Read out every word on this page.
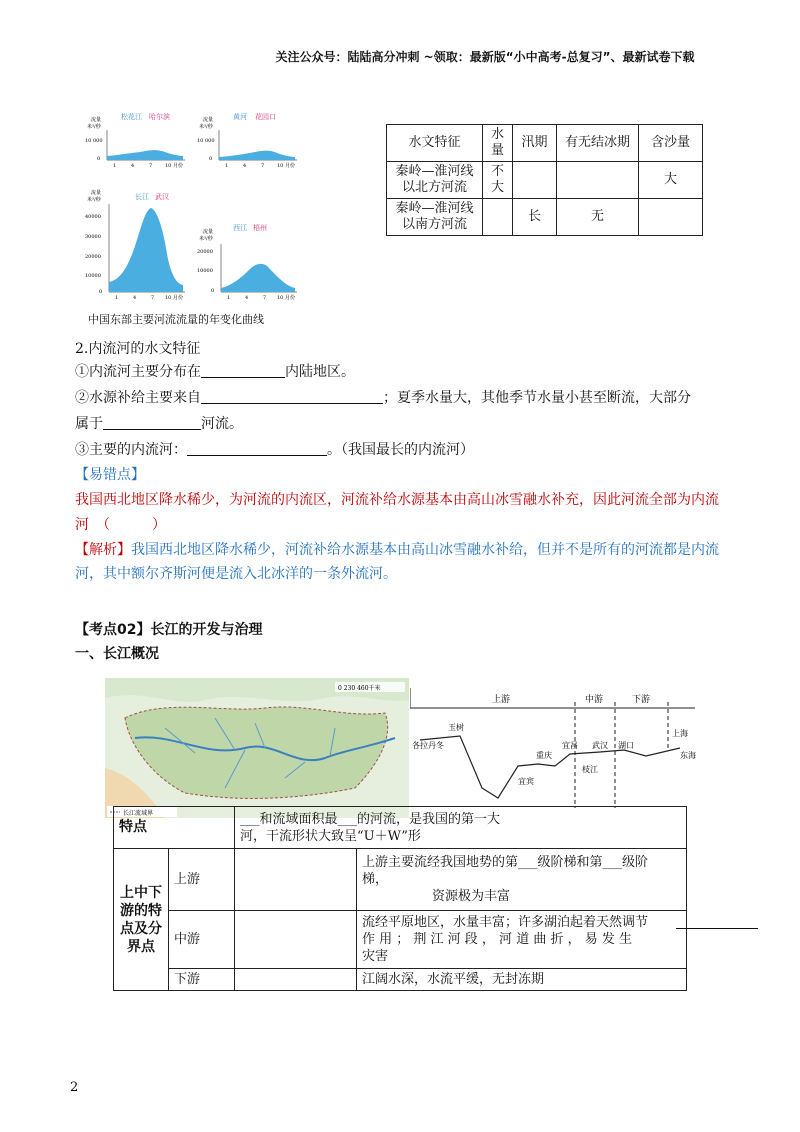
关注公众号：陆陆高分冲刺 ~领取：最新版“小中高考-总复习”、最新试卷下载
松花江 哈尔滨
流量
米³/秒
10 000
0
1	4	7	10 月份
黄河 花园口
流量
米³/秒
10 000
0
1	4	7	10 月份
长江 武汉
流量
米³/秒
40000
30000
20000
10000
0
1	4	7 10 月份
西江 梧州
流量
米³/秒
20000
10000
0
1	4	7 10 月份
中国东部主要河流流量的年变化曲线
水文特征	水量	汛期	有无结冰期	含沙量
秦岭—淮河线以北方河流	不大			大
秦岭—淮河线以南方河流		长	无	
2.内流河的水文特征
①内流河主要分布在	内陆地区。
②水源补给主要来自	；夏季水量大，其他季节水量小甚至断流，大部分
属于	河流。
③主要的内流河：	。（我国最长的内流河）
【易错点】
我国西北地区降水稀少，为河流的内流区，河流补给水源基本由高山冰雪融水补充，因此河流全部为内流
河　（　　　）
【解析】我国西北地区降水稀少，河流补给水源基本由高山冰雪融水补给，但并不是所有的河流都是内流
河，其中额尔齐斯河便是流入北冰洋的一条外流河。
【考点02】长江的开发与治理
一、长江概况
0 230 460千米
长江流域界
上游	中游	下游
各拉丹冬
玉树
宜宾
重庆
宜昌
枝江
武汉 湖口
上海
东海
特点		___和流域面积最___的河流，是我国的第一大
河，干流形状大致呈“U＋W”形	

上中下游的特点及分界点	上游		上游主要流经我国地势的第___级阶梯和第___级阶
梯，
资源极为丰富

	中游		流经平原地区，水量丰富；许多湖泊起着天然调节
作 用 ； 荆 江 河 段 ， 河 道 曲 折 ， 易 发 生
灾害

	下游		江阔水深，水流平缓，无封冻期
2
